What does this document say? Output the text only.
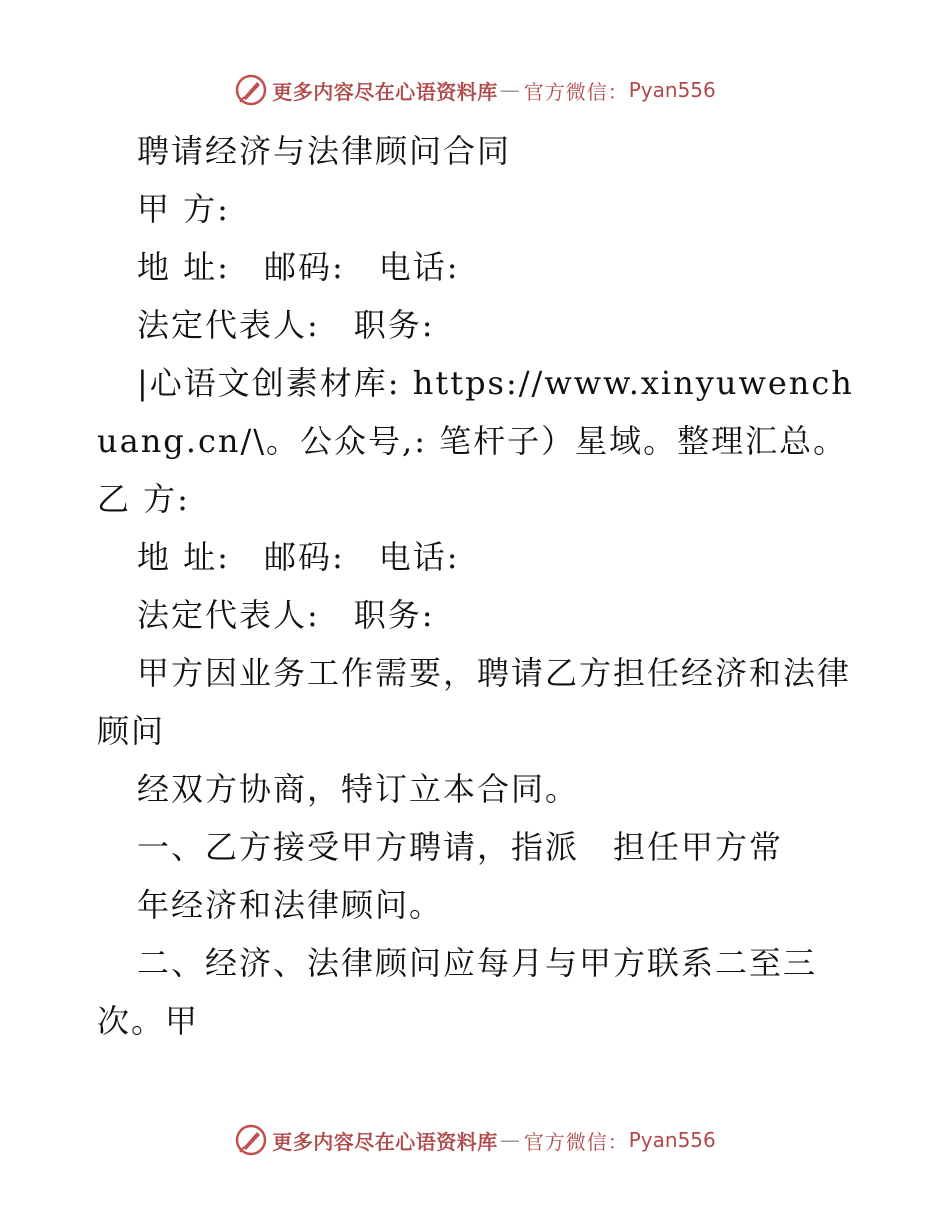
更多内容尽在心语资料库 — 官方微信： Pyan556

聘请经济与法律顾问合同

甲 方:

地 址:　邮码:　电话:

法定代表人:　职务:

|心语文创素材库: https://www.xinyuwenchuang.cn/\。公众号,: 笔杆子）星域。整理汇总。乙 方:

地 址:　邮码:　电话:

法定代表人:　职务:

甲方因业务工作需要，聘请乙方担任经济和法律顾问

经双方协商，特订立本合同。

一、乙方接受甲方聘请，指派　担任甲方常

年经济和法律顾问。

二、经济、法律顾问应每月与甲方联系二至三次。甲

更多内容尽在心语资料库 — 官方微信： Pyan556
